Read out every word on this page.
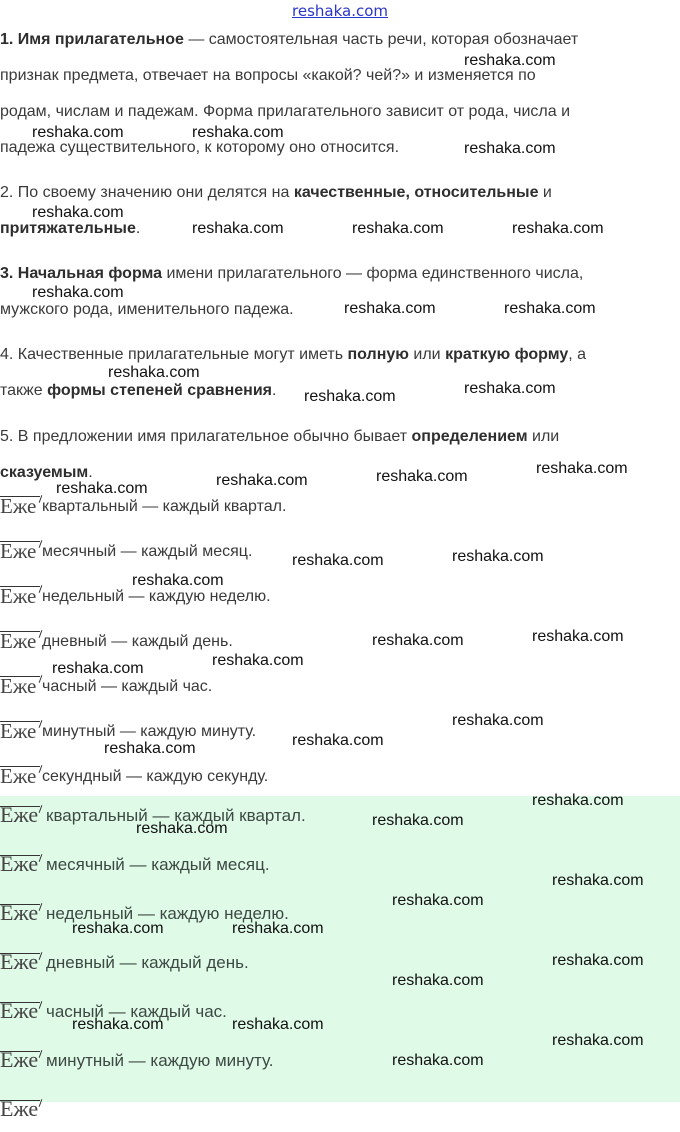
reshaka.com
1. Имя прилагательное — самостоятельная часть речи, которая обозначает
признак предмета, отвечает на вопросы «какой? чей?» и изменяется по
родам, числам и падежам. Форма прилагательного зависит от рода, числа и
падежа существительного, к которому оно относится.
2. По своему значению они делятся на качественные, относительные и
притяжательные.
3. Начальная форма имени прилагательного — форма единственного числа,
мужского рода, именительного падежа.
4. Качественные прилагательные могут иметь полную или краткую форму, а
также формы степеней сравнения.
5. В предложении имя прилагательное обычно бывает определением или
сказуемым.
Еже квартальный — каждый квартал.
Еже месячный — каждый месяц.
Еже недельный — каждую неделю.
Еже дневный — каждый день.
Еже часный — каждый час.
Еже минутный — каждую минуту.
Еже секундный — каждую секунду.
Еже квартальный — каждый квартал.
Еже месячный — каждый месяц.
Еже недельный — каждую неделю.
Еже дневный — каждый день.
Еже часный — каждый час.
Еже минутный — каждую минуту.
Еже
reshaka.com
reshaka.com	reshaka.com
reshaka.com
reshaka.com
reshaka.com	reshaka.com	reshaka.com
reshaka.com
reshaka.com	reshaka.com
reshaka.com
reshaka.com
reshaka.com
reshaka.com
reshaka.com	reshaka.com
reshaka.com
reshaka.com	reshaka.com
reshaka.com
reshaka.com	reshaka.com
reshaka.com
reshaka.com
reshaka.com
reshaka.com
reshaka.com
reshaka.com
reshaka.com
reshaka.com
reshaka.com
reshaka.com
reshaka.com	reshaka.com
reshaka.com
reshaka.com
reshaka.com	reshaka.com
reshaka.com
reshaka.com
